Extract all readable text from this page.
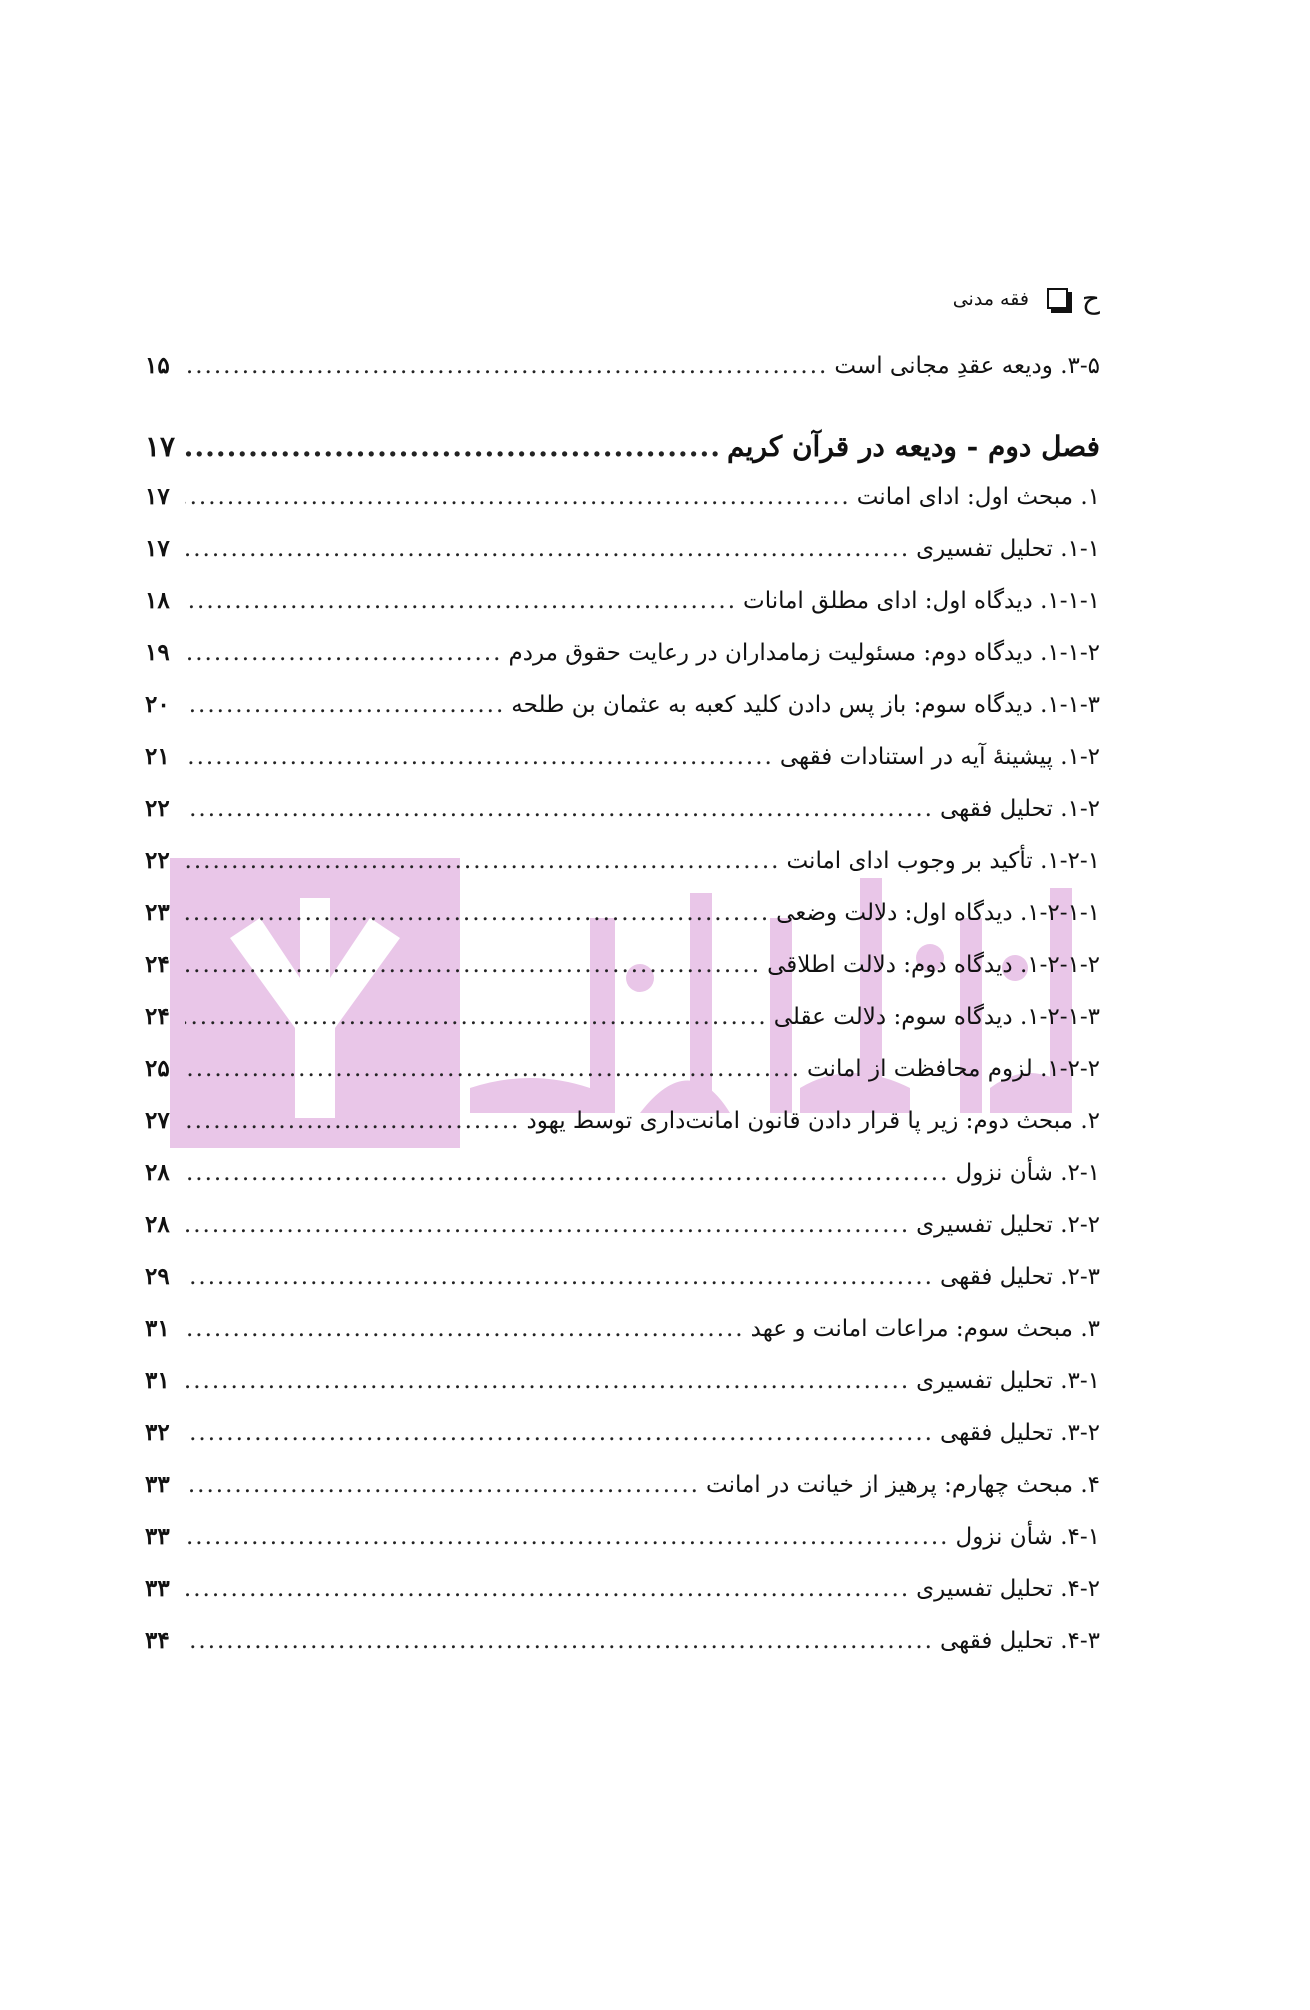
ح
فقه مدنی
۳-۵. ودیعه عقدِ مجانی است
.....
۱۵
فصل دوم - ودیعه در قرآن کریم
.....
۱۷
۱. مبحث اول: ادای امانت
.....
۱۷
۱-۱. تحلیل تفسیری
.....
۱۷
۱-۱-۱. دیدگاه اول: ادای مطلق امانات
.....
۱۸
۱-۱-۲. دیدگاه دوم: مسئولیت زمامداران در رعایت حقوق مردم
.....
۱۹
۱-۱-۳. دیدگاه سوم: باز پس دادن کلید کعبه به عثمان بن طلحه
.....
۲۰
۱-۲. پیشینهٔ آیه در استنادات فقهی
.....
۲۱
۱-۲. تحلیل فقهی
.....
۲۲
۱-۲-۱. تأکید بر وجوب ادای امانت
.....
۲۲
۱-۲-۱-۱. دیدگاه اول: دلالت وضعی
.....
۲۳
۱-۲-۱-۲. دیدگاه دوم: دلالت اطلاقی
.....
۲۴
۱-۲-۱-۳. دیدگاه سوم: دلالت عقلی
.....
۲۴
۱-۲-۲. لزوم محافظت از امانت
.....
۲۵
۲. مبحث دوم: زیر پا قرار دادن قانون امانت‌داری توسط یهود
.....
۲۷
۲-۱. شأن نزول
.....
۲۸
۲-۲. تحلیل تفسیری
.....
۲۸
۲-۳. تحلیل فقهی
.....
۲۹
۳. مبحث سوم: مراعات امانت و عهد
.....
۳۱
۳-۱. تحلیل تفسیری
.....
۳۱
۳-۲. تحلیل فقهی
.....
۳۲
۴. مبحث چهارم: پرهیز از خیانت در امانت
.....
۳۳
۴-۱. شأن نزول
.....
۳۳
۴-۲. تحلیل تفسیری
.....
۳۳
۴-۳. تحلیل فقهی
.....
۳۴
